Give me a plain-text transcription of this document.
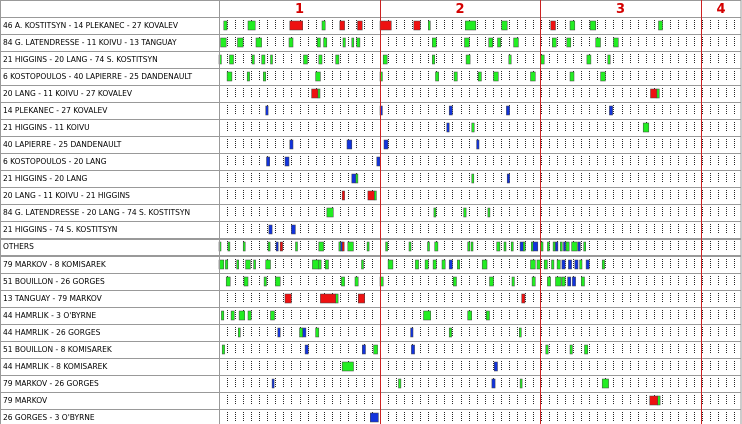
1	2	3	4
46 A. KOSTITSYN - 14 PLEKANEC - 27 KOVALEV
84 G. LATENDRESSE - 11 KOIVU - 13 TANGUAY
21 HIGGINS - 20 LANG - 74 S. KOSTITSYN
6 KOSTOPOULOS - 40 LAPIERRE - 25 DANDENAULT
20 LANG - 11 KOIVU - 27 KOVALEV
14 PLEKANEC - 27 KOVALEV
21 HIGGINS - 11 KOIVU
40 LAPIERRE - 25 DANDENAULT
6 KOSTOPOULOS - 20 LANG
21 HIGGINS - 20 LANG
20 LANG - 11 KOIVU - 21 HIGGINS
84 G. LATENDRESSE - 20 LANG - 74 S. KOSTITSYN
21 HIGGINS - 74 S. KOSTITSYN
OTHERS
79 MARKOV - 8 KOMISAREK
51 BOUILLON - 26 GORGES
13 TANGUAY - 79 MARKOV
44 HAMRLIK - 3 O'BYRNE
44 HAMRLIK - 26 GORGES
51 BOUILLON - 8 KOMISAREK
44 HAMRLIK - 8 KOMISAREK
79 MARKOV - 26 GORGES
79 MARKOV
26 GORGES - 3 O'BYRNE
